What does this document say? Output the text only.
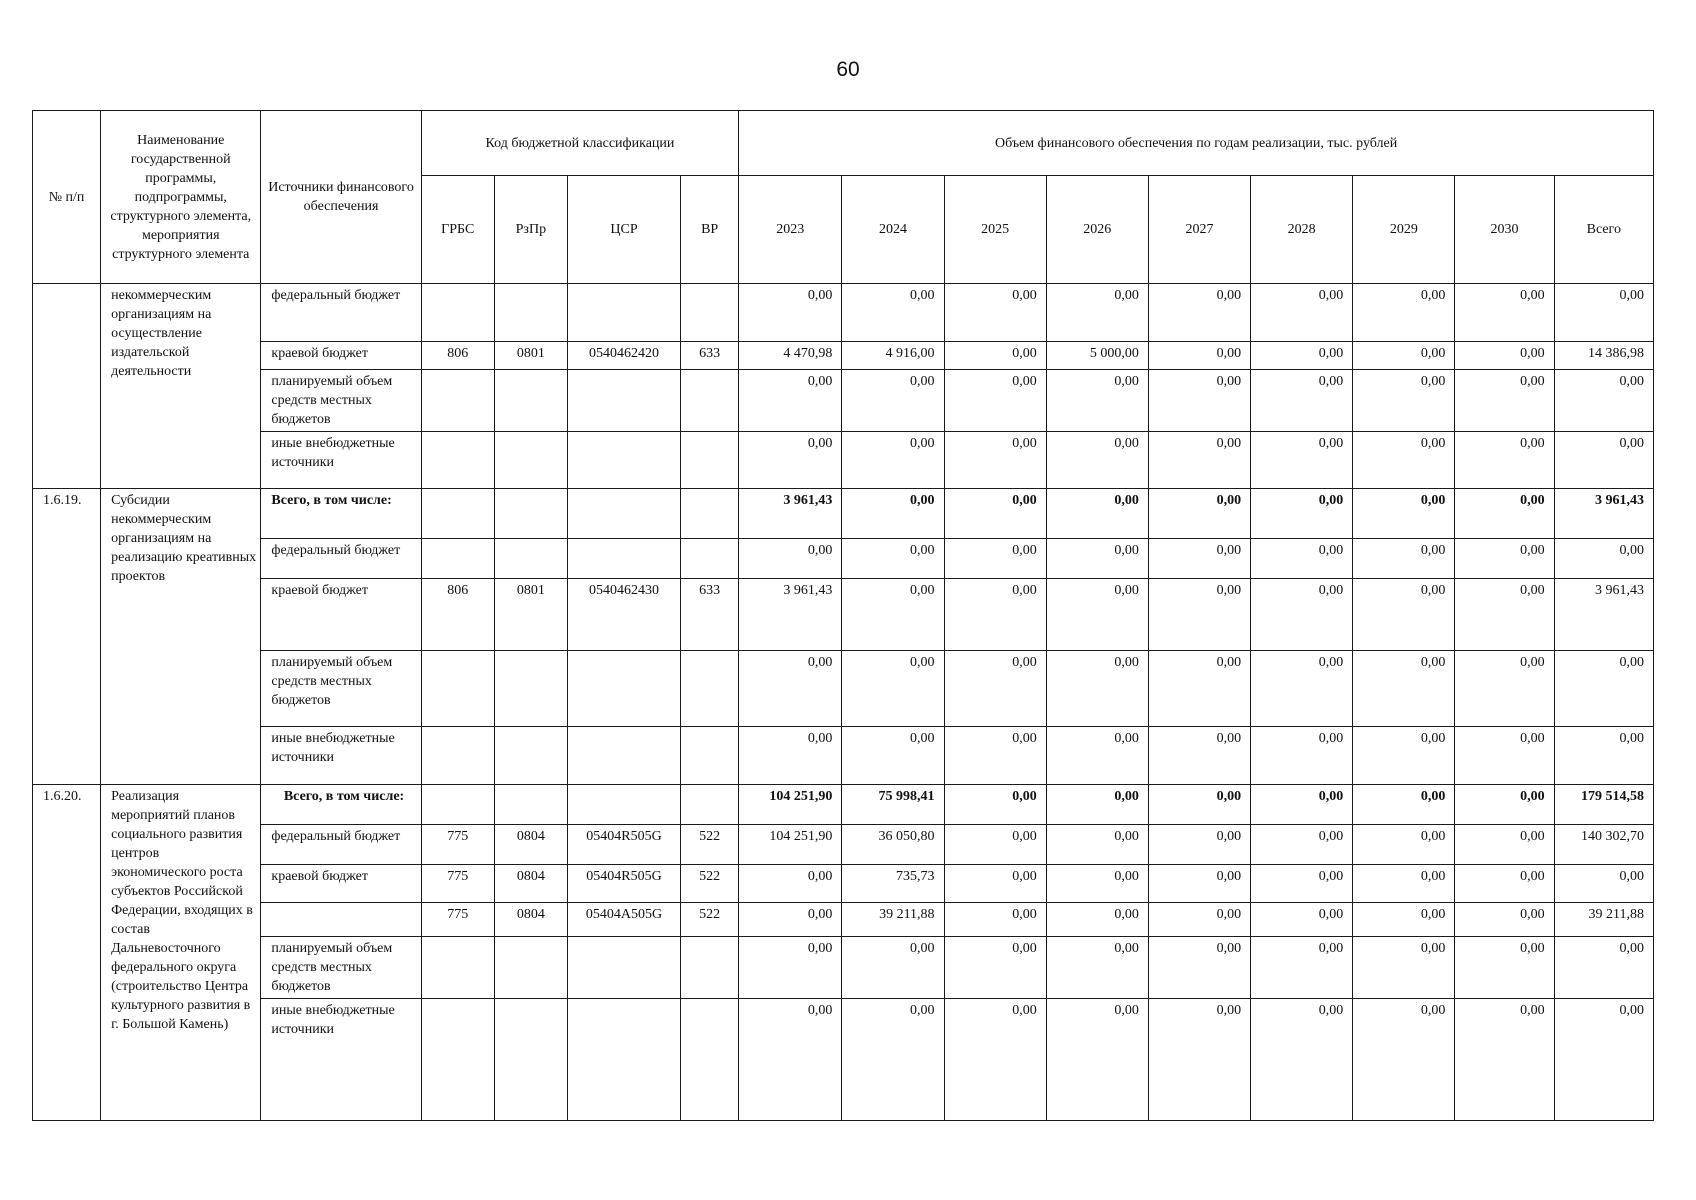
60
№ п/п	Наименование государственной программы, подпрограммы, структурного элемента, мероприятия структурного элемента	Источники финансового обеспечения	Код бюджетной классификации				Объем финансового обеспечения по годам реализации, тыс. рублей								
			ГРБС	РзПр	ЦСР	ВР	2023	2024	2025	2026	2027	2028	2029	2030	Всего
	некоммерческим организациям на осуществление издательской деятельности	федеральный бюджет					0,00	0,00	0,00	0,00	0,00	0,00	0,00	0,00	0,00
		краевой бюджет	806	0801	0540462420	633	4 470,98	4 916,00	0,00	5 000,00	0,00	0,00	0,00	0,00	14 386,98
		планируемый объем средств местных бюджетов					0,00	0,00	0,00	0,00	0,00	0,00	0,00	0,00	0,00
		иные внебюджетные источники					0,00	0,00	0,00	0,00	0,00	0,00	0,00	0,00	0,00
1.6.19.	Субсидии некоммерческим организациям на реализацию креативных проектов	Всего, в том числе:					3 961,43	0,00	0,00	0,00	0,00	0,00	0,00	0,00	3 961,43
		федеральный бюджет					0,00	0,00	0,00	0,00	0,00	0,00	0,00	0,00	0,00
		краевой бюджет	806	0801	0540462430	633	3 961,43	0,00	0,00	0,00	0,00	0,00	0,00	0,00	3 961,43
		планируемый объем средств местных бюджетов					0,00	0,00	0,00	0,00	0,00	0,00	0,00	0,00	0,00
		иные внебюджетные источники					0,00	0,00	0,00	0,00	0,00	0,00	0,00	0,00	0,00
1.6.20.	Реализация мероприятий планов социального развития центров экономического роста субъектов Российской Федерации, входящих в состав Дальневосточного федерального округа (строительство Центра культурного развития в г. Большой Камень)	Всего, в том числе:					104 251,90	75 998,41	0,00	0,00	0,00	0,00	0,00	0,00	179 514,58
		федеральный бюджет	775	0804	05404R505G	522	104 251,90	36 050,80	0,00	0,00	0,00	0,00	0,00	0,00	140 302,70
		краевой бюджет	775	0804	05404R505G	522	0,00	735,73	0,00	0,00	0,00	0,00	0,00	0,00	0,00
			775	0804	05404A505G	522	0,00	39 211,88	0,00	0,00	0,00	0,00	0,00	0,00	39 211,88
		планируемый объем средств местных бюджетов					0,00	0,00	0,00	0,00	0,00	0,00	0,00	0,00	0,00
		иные внебюджетные источники					0,00	0,00	0,00	0,00	0,00	0,00	0,00	0,00	0,00
